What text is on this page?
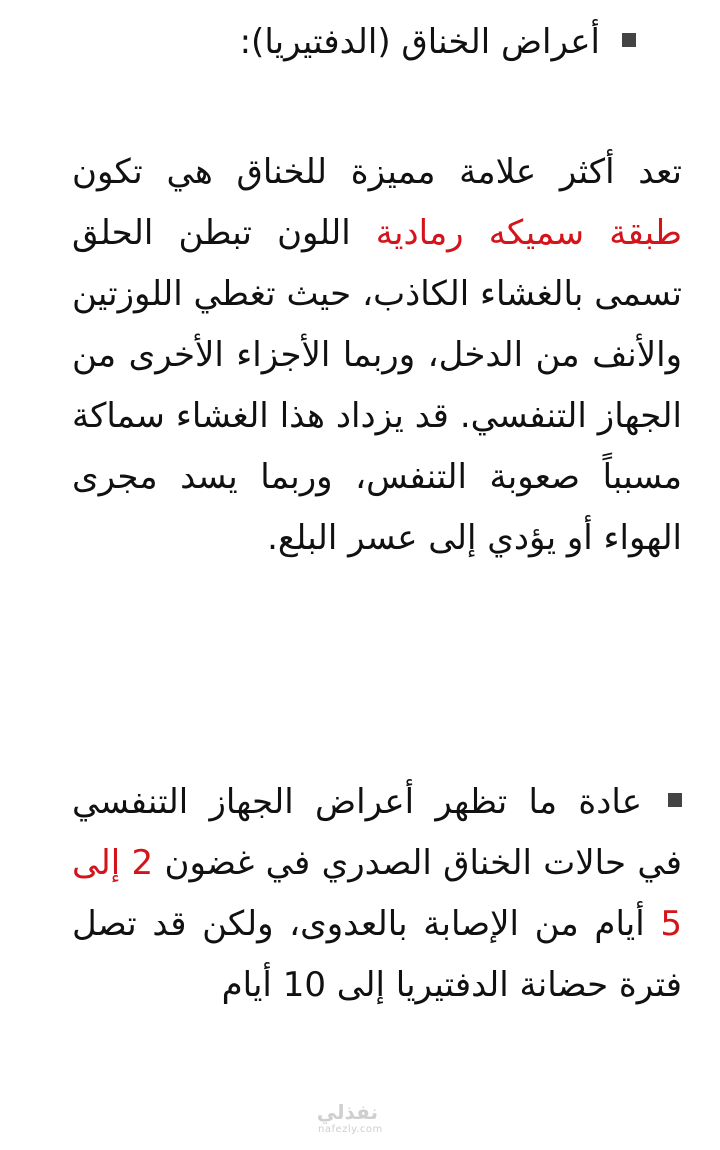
أعراض الخناق (الدفتيريا):

تعد أكثر علامة مميزة للخناق هي تكون طبقة سميكه رمادية اللون تبطن الحلق تسمى بالغشاء الكاذب، حيث تغطي اللوزتين والأنف من الدخل، وربما الأجزاء الأخرى من الجهاز التنفسي. قد يزداد هذا الغشاء سماكة مسبباً صعوبة التنفس، وربما يسد مجرى الهواء أو يؤدي إلى عسر البلع.

عادة ما تظهر أعراض الجهاز التنفسي في حالات الخناق الصدري في غضون 2 إلى 5 أيام من الإصابة بالعدوى، ولكن قد تصل فترة حضانة الدفتيريا إلى 10 أيام

نفذلي
nafezly.com
